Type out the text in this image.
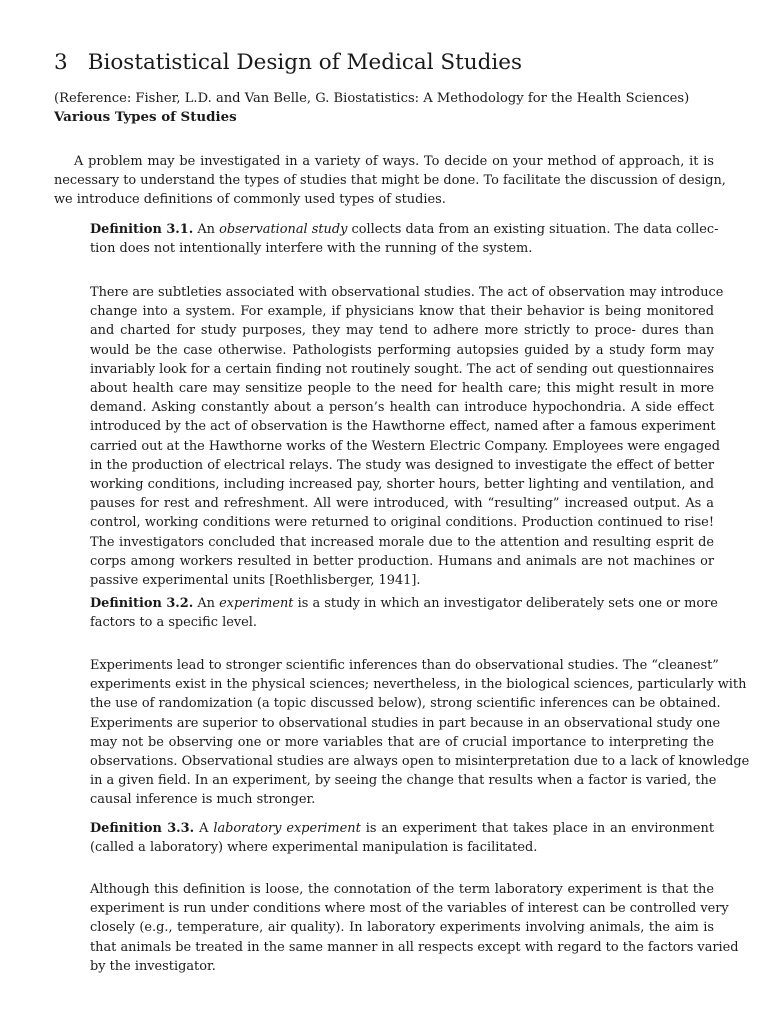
3 Biostatistical Design of Medical Studies
(Reference: Fisher, L.D. and Van Belle, G. Biostatistics: A Methodology for the Health Sciences)
Various Types of Studies

A problem may be investigated in a variety of ways. To decide on your method of approach, it is
necessary to understand the types of studies that might be done. To facilitate the discussion of design,
we introduce definitions of commonly used types of studies.

Definition 3.1. An observational study collects data from an existing situation. The data collec-
tion does not intentionally interfere with the running of the system.

There are subtleties associated with observational studies. The act of observation may introduce
change into a system. For example, if physicians know that their behavior is being monitored
and charted for study purposes, they may tend to adhere more strictly to proce- dures than
would be the case otherwise. Pathologists performing autopsies guided by a study form may
invariably look for a certain finding not routinely sought. The act of sending out questionnaires
about health care may sensitize people to the need for health care; this might result in more
demand. Asking constantly about a person’s health can introduce hypochondria. A side effect
introduced by the act of observation is the Hawthorne effect, named after a famous experiment
carried out at the Hawthorne works of the Western Electric Company. Employees were engaged
in the production of electrical relays. The study was designed to investigate the effect of better
working conditions, including increased pay, shorter hours, better lighting and ventilation, and
pauses for rest and refreshment. All were introduced, with “resulting” increased output. As a
control, working conditions were returned to original conditions. Production continued to rise!
The investigators concluded that increased morale due to the attention and resulting esprit de
corps among workers resulted in better production. Humans and animals are not machines or
passive experimental units [Roethlisberger, 1941].

Definition 3.2. An experiment is a study in which an investigator deliberately sets one or more
factors to a specific level.

Experiments lead to stronger scientific inferences than do observational studies. The “cleanest”
experiments exist in the physical sciences; nevertheless, in the biological sciences, particularly with
the use of randomization (a topic discussed below), strong scientific inferences can be obtained.
Experiments are superior to observational studies in part because in an observational study one
may not be observing one or more variables that are of crucial importance to interpreting the
observations. Observational studies are always open to misinterpretation due to a lack of knowledge
in a given field. In an experiment, by seeing the change that results when a factor is varied, the
causal inference is much stronger.

Definition 3.3. A laboratory experiment is an experiment that takes place in an environment
(called a laboratory) where experimental manipulation is facilitated.

Although this definition is loose, the connotation of the term laboratory experiment is that the
experiment is run under conditions where most of the variables of interest can be controlled very
closely (e.g., temperature, air quality). In laboratory experiments involving animals, the aim is
that animals be treated in the same manner in all respects except with regard to the factors varied
by the investigator.
